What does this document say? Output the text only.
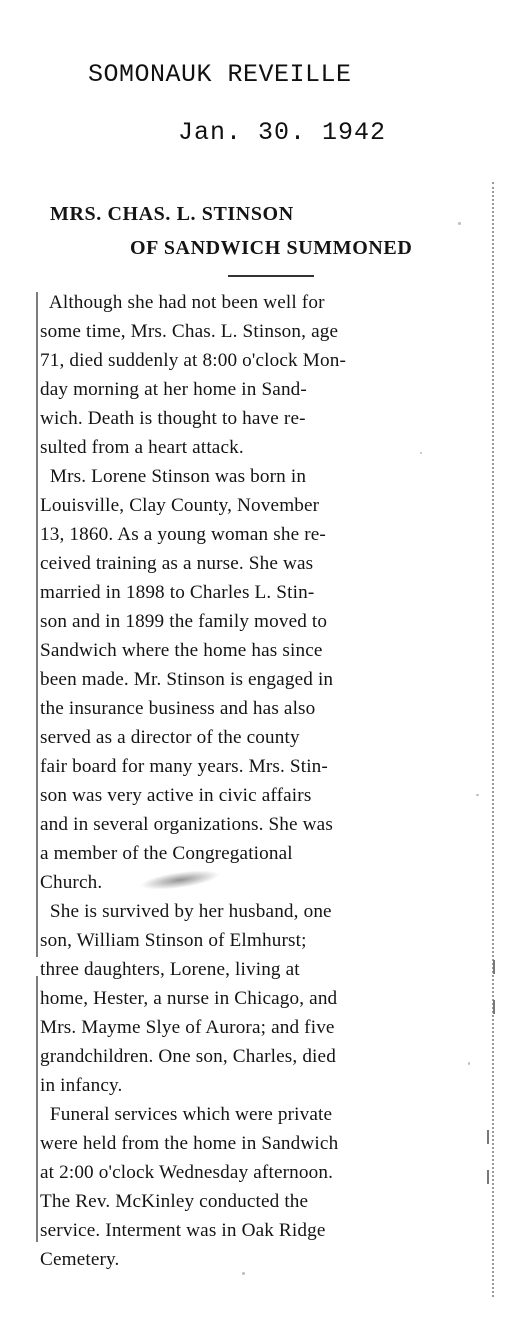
SOMONAUK REVEILLE
Jan. 30. 1942
MRS. CHAS. L. STINSON
OF SANDWICH SUMMONED
Although she had not been well for
some time, Mrs. Chas. L. Stinson, age
71, died suddenly at 8:00 o'clock Mon-
day morning at her home in Sand-
wich. Death is thought to have re-
sulted from a heart attack.
Mrs. Lorene Stinson was born in
Louisville, Clay County, November
13, 1860. As a young woman she re-
ceived training as a nurse. She was
married in 1898 to Charles L. Stin-
son and in 1899 the family moved to
Sandwich where the home has since
been made. Mr. Stinson is engaged in
the insurance business and has also
served as a director of the county
fair board for many years. Mrs. Stin-
son was very active in civic affairs
and in several organizations. She was
a member of the Congregational
Church.
She is survived by her husband, one
son, William Stinson of Elmhurst;
three daughters, Lorene, living at
home, Hester, a nurse in Chicago, and
Mrs. Mayme Slye of Aurora; and five
grandchildren. One son, Charles, died
in infancy.
Funeral services which were private
were held from the home in Sandwich
at 2:00 o'clock Wednesday afternoon.
The Rev. McKinley conducted the
service. Interment was in Oak Ridge
Cemetery.
